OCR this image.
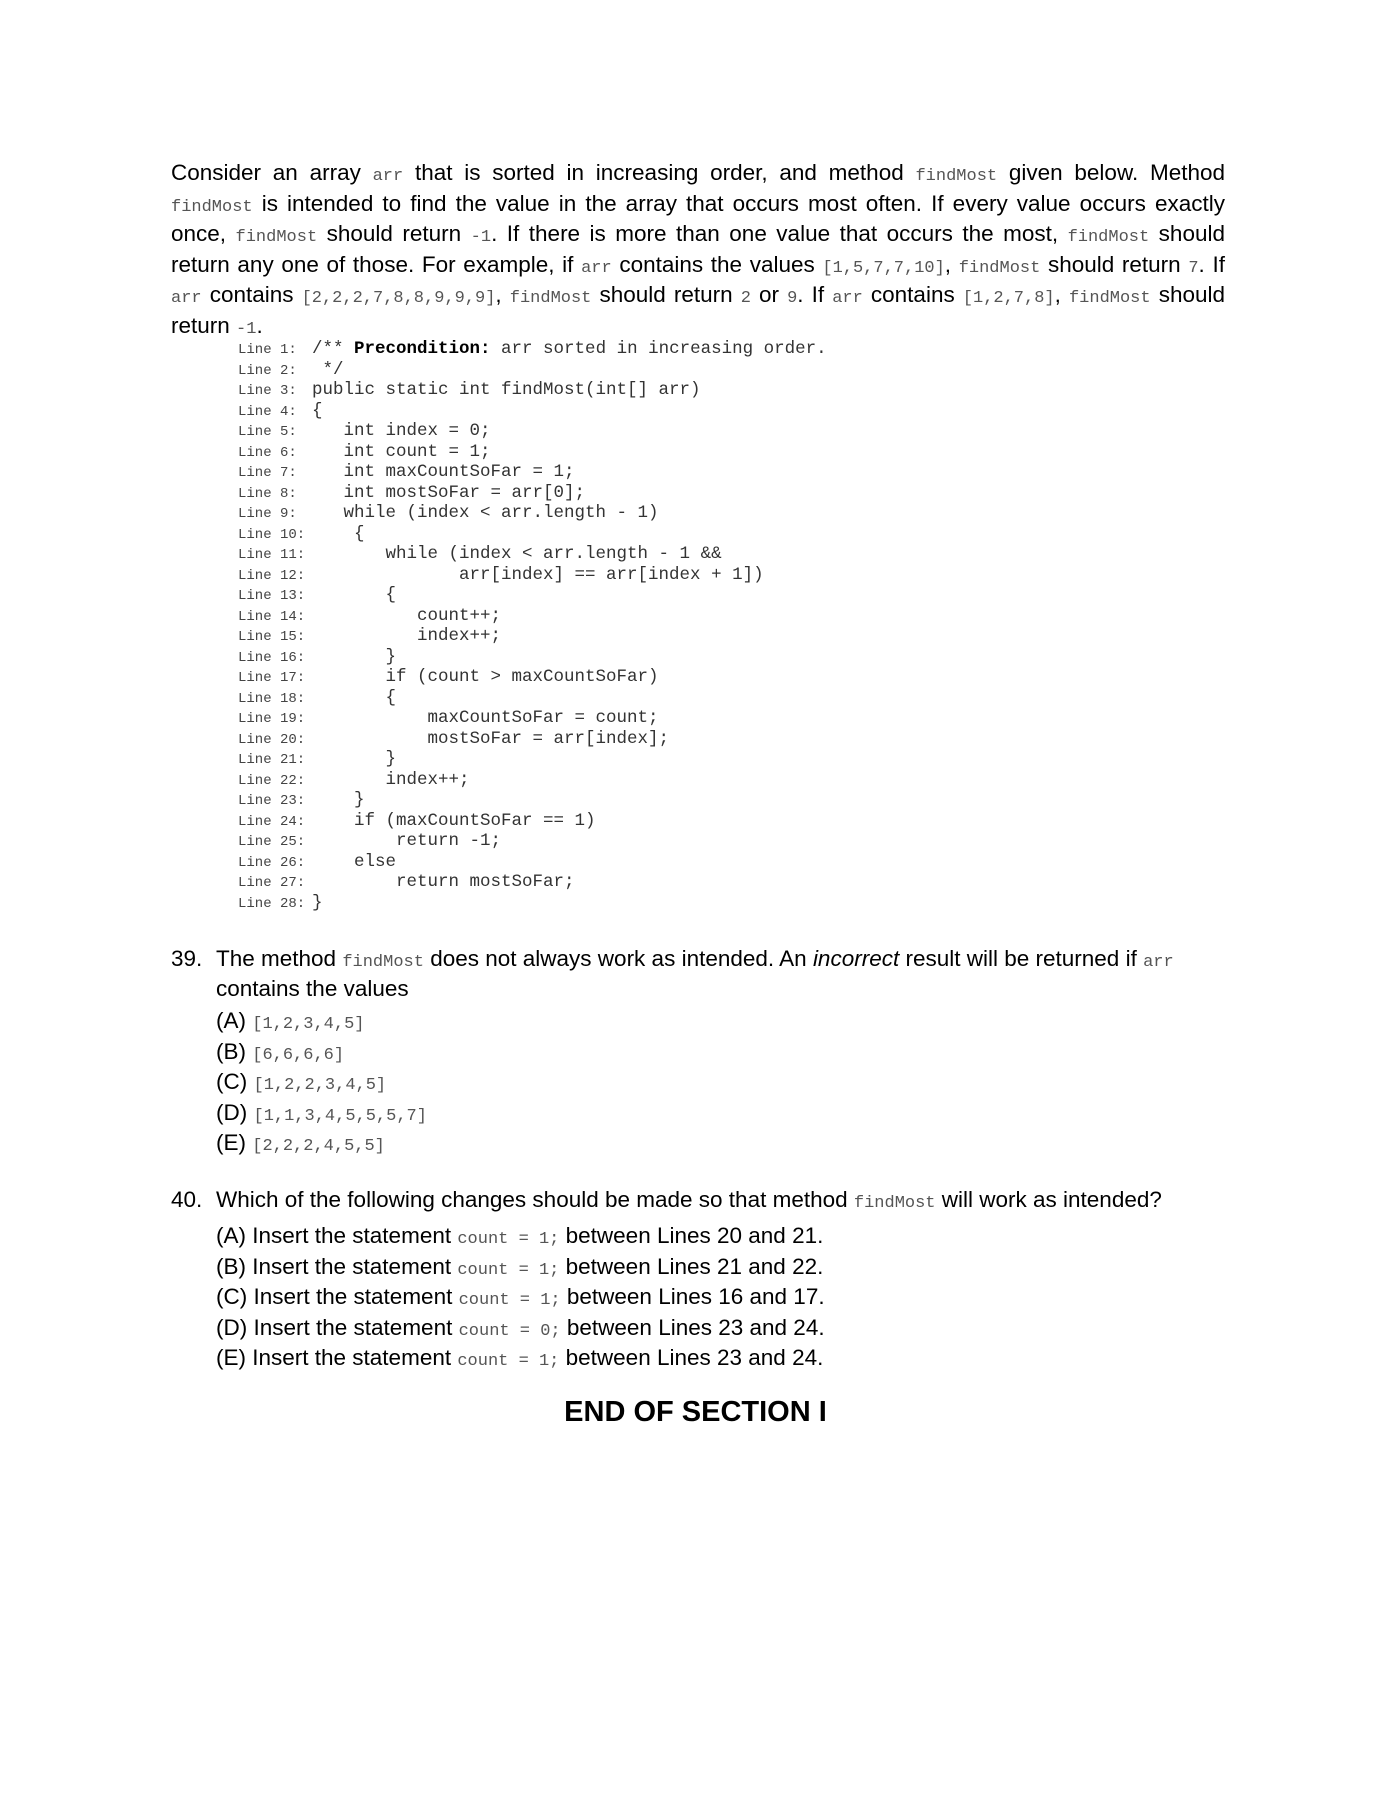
Consider an array arr that is sorted in increasing order, and method findMost given below. Method findMost is intended to find the value in the array that occurs most often. If every value occurs exactly once, findMost should return -1. If there is more than one value that occurs the most, findMost should return any one of those. For example, if arr contains the values [1,5,7,7,10], findMost should return 7. If arr contains [2,2,2,7,8,8,9,9,9], findMost should return 2 or 9. If arr contains [1,2,7,8], findMost should return -1.
Line 1: /** Precondition: arr sorted in increasing order.
Line 2: */
Line 3: public static int findMost(int[] arr)
Line 4: {
Line 5:   int index = 0;
Line 6:   int count = 1;
Line 7:   int maxCountSoFar = 1;
Line 8:   int mostSoFar = arr[0];
Line 9:   while (index < arr.length - 1)
Line 10:    {
Line 11:       while (index < arr.length - 1 &&
Line 12:              arr[index] == arr[index + 1])
Line 13:       {
Line 14:          count++;
Line 15:          index++;
Line 16:       }
Line 17:       if (count > maxCountSoFar)
Line 18:       {
Line 19:           maxCountSoFar = count;
Line 20:           mostSoFar = arr[index];
Line 21:       }
Line 22:       index++;
Line 23:    }
Line 24:    if (maxCountSoFar == 1)
Line 25:        return -1;
Line 26:    else
Line 27:        return mostSoFar;
Line 28: }
39. The method findMost does not always work as intended. An incorrect result will be returned if arr contains the values
(A) [1,2,3,4,5]
(B) [6,6,6,6]
(C) [1,2,2,3,4,5]
(D) [1,1,3,4,5,5,5,7]
(E) [2,2,2,4,5,5]
40. Which of the following changes should be made so that method findMost will work as intended?
(A) Insert the statement count = 1; between Lines 20 and 21.
(B) Insert the statement count = 1; between Lines 21 and 22.
(C) Insert the statement count = 1; between Lines 16 and 17.
(D) Insert the statement count = 0; between Lines 23 and 24.
(E) Insert the statement count = 1; between Lines 23 and 24.
END OF SECTION I
